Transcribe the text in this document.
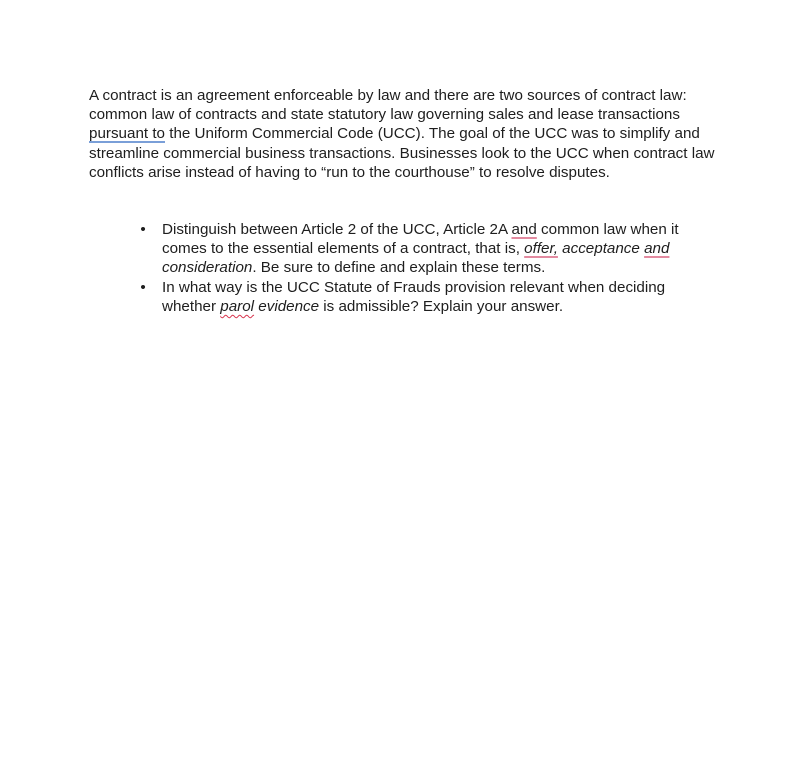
A contract is an agreement enforceable by law and there are two sources of contract law: common law of contracts and state statutory law governing sales and lease transactions pursuant to the Uniform Commercial Code (UCC). The goal of the UCC was to simplify and streamline commercial business transactions. Businesses look to the UCC when contract law conflicts arise instead of having to “run to the courthouse” to resolve disputes.

• Distinguish between Article 2 of the UCC, Article 2A and common law when it comes to the essential elements of a contract, that is, offer, acceptance and consideration. Be sure to define and explain these terms.
• In what way is the UCC Statute of Frauds provision relevant when deciding whether parol evidence is admissible? Explain your answer.
